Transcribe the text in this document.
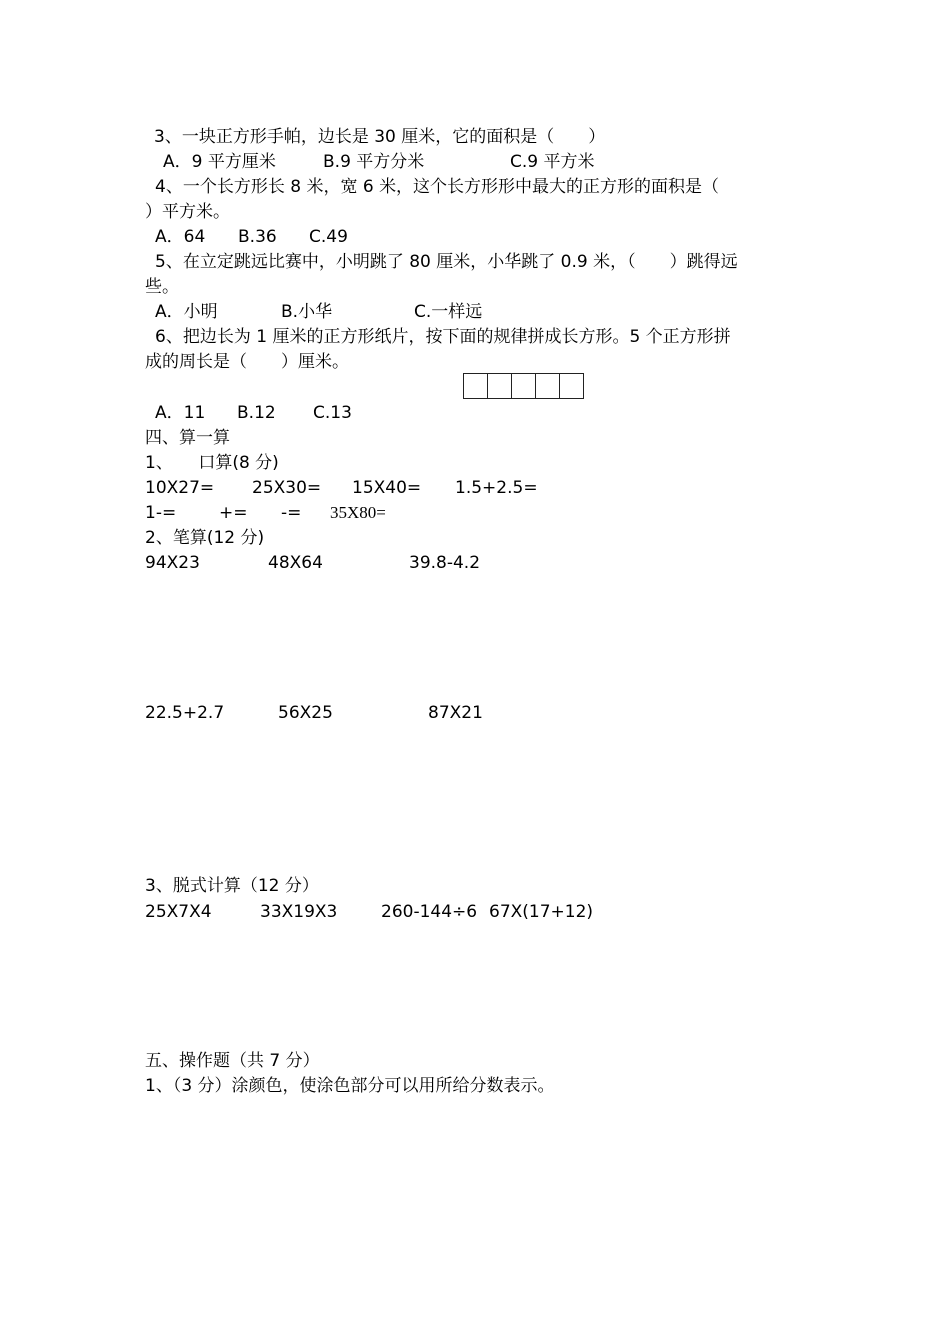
3、一块正方形手帕，边长是 30 厘米，它的面积是（　　）
A．9 平方厘米	B.9 平方分米	C.9 平方米
4、一个长方形长 8 米，宽 6 米，这个长方形形中最大的正方形的面积是（
）平方米。
A．64 B.36 C.49
5、在立定跳远比赛中，小明跳了 80 厘米，小华跳了 0.9 米，（　　）跳得远
些。
A．小明	B.小华	C.一样远
6、把边长为 1 厘米的正方形纸片，按下面的规律拼成长方形。5 个正方形拼
成的周长是（　　）厘米。
A．11 B.12 C.13
四、算一算
1、　　口算(8 分)
10X27= 25X30= 15X40= 1.5+2.5=
1-=	+= -= 35X80=
2、笔算(12 分)
94X23	48X64	39.8-4.2
22.5+2.7	56X25	87X21
3、脱式计算（12 分）
25X7X4	33X19X3	260-144÷6 67X(17+12)
五、操作题（共 7 分）
1、（3 分）涂颜色，使涂色部分可以用所给分数表示。
